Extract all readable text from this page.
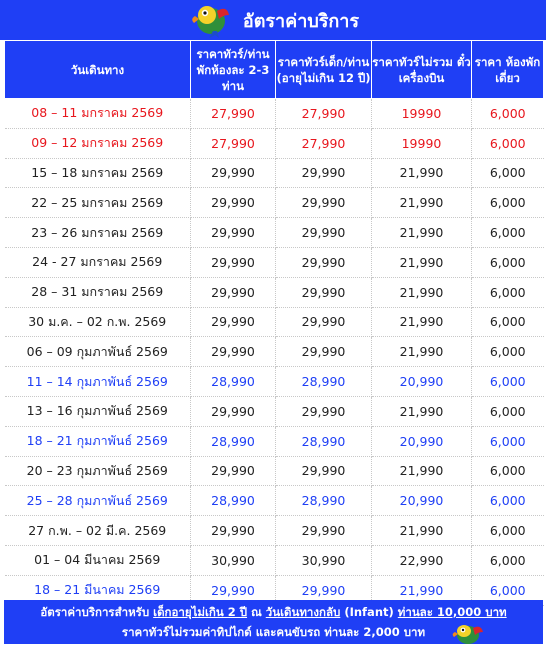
อัตราค่าบริการ
วันเดินทาง	ราคาทัวร์/ท่าน พักห้องละ 2-3 ท่าน	ราคาทัวร์เด็ก/ท่าน (อายุไม่เกิน 12 ปี)	ราคาทัวร์ไม่รวม ตั๋วเครื่องบิน	ราคา ห้องพักเดี่ยว
08 – 11 มกราคม 2569	27,990	27,990	19990	6,000
09 – 12 มกราคม 2569	27,990	27,990	19990	6,000
15 – 18 มกราคม 2569	29,990	29,990	21,990	6,000
22 – 25 มกราคม 2569	29,990	29,990	21,990	6,000
23 – 26 มกราคม 2569	29,990	29,990	21,990	6,000
24 - 27 มกราคม 2569	29,990	29,990	21,990	6,000
28 – 31 มกราคม 2569	29,990	29,990	21,990	6,000
30 ม.ค. – 02 ก.พ. 2569	29,990	29,990	21,990	6,000
06 – 09 กุมภาพันธ์ 2569	29,990	29,990	21,990	6,000
11 – 14 กุมภาพันธ์ 2569	28,990	28,990	20,990	6,000
13 – 16 กุมภาพันธ์ 2569	29,990	29,990	21,990	6,000
18 – 21 กุมภาพันธ์ 2569	28,990	28,990	20,990	6,000
20 – 23 กุมภาพันธ์ 2569	29,990	29,990	21,990	6,000
25 – 28 กุมภาพันธ์ 2569	28,990	28,990	20,990	6,000
27 ก.พ. – 02 มี.ค. 2569	29,990	29,990	21,990	6,000
01 – 04 มีนาคม 2569	30,990	30,990	22,990	6,000
18 – 21 มีนาคม 2569	29,990	29,990	21,990	6,000
อัตราค่าบริการสำหรับ เด็กอายุไม่เกิน 2 ปี ณ วันเดินทางกลับ (Infant) ท่านละ 10,000 บาท
ราคาทัวร์ไม่รวมค่าทิปไกด์ และคนขับรถ ท่านละ 2,000 บาท
